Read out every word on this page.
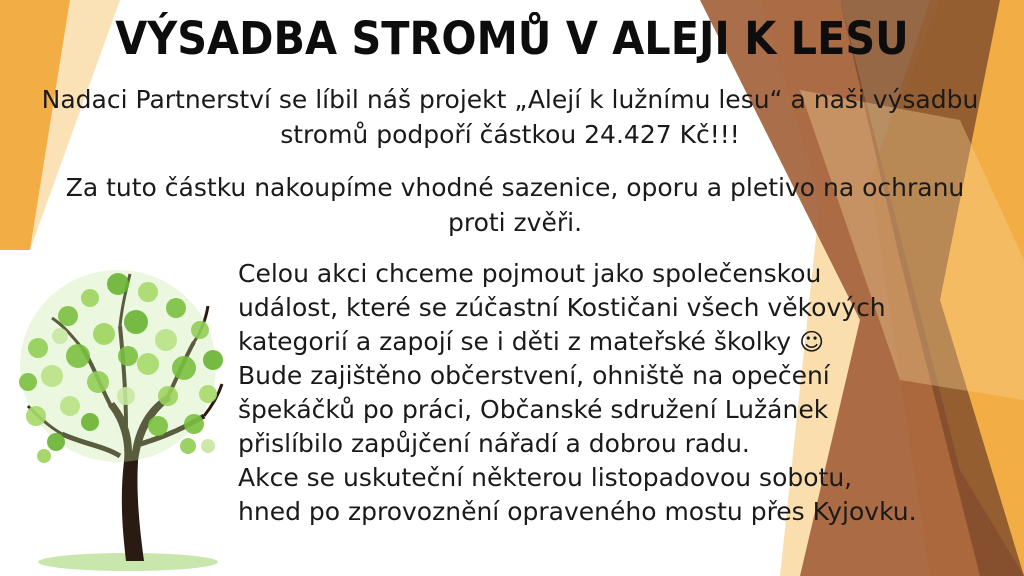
VÝSADBA STROMŮ V ALEJI K LESU

Nadaci Partnerství se líbil náš projekt „Alejí k lužnímu lesu“ a naši výsadbu stromů podpoří částkou 24.427 Kč!!!

Za tuto částku nakoupíme vhodné sazenice, oporu a pletivo na ochranu proti zvěři.

Celou akci chceme pojmout jako společenskou
událost, které se zúčastní Kostičani všech věkových
kategorií a zapojí se i děti z mateřské školky ☺
Bude zajištěno občerstvení, ohniště na opečení
špekáčků po práci, Občanské sdružení Lužánek
přislíbilo zapůjčení nářadí a dobrou radu.
Akce se uskuteční některou listopadovou sobotu,
hned po zprovoznění opraveného mostu přes Kyjovku.
